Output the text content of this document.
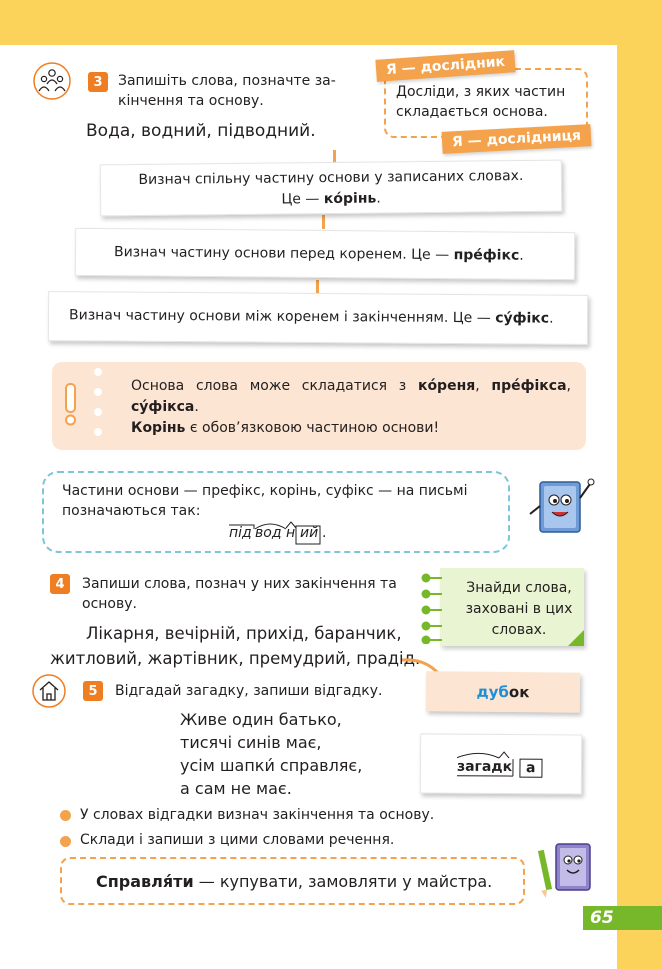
3	Запишіть слова, позначте за-
кінчення та основу.
Вода, водний, підводний.
Досліди, з яких частин
складається основа.
Я — дослідник
Я — дослідниця
Визнач спільну частину основи у записаних словах.
Це — ко́рінь.
Визнач частину основи перед коренем. Це — пре́фікс.
Визнач частину основи між коренем і закінченням. Це — су́фікс.
Основа слова може складатися з ко́реня, пре́фікса,
су́фікса.
Корінь є обов’язковою частиною основи!
Частини основи — префікс, корінь, суфікс — на письмі
позначаються так:
під вод н ий .
4	Запиши слова, познач у них закінчення та
основу.
Лікарня, вечірній, прихід, баранчик,
житловий, жартівник, премудрий, прадід.
Знайди слова,
заховані в цих
словах.
дубок
5	Відгадай загадку, запиши відгадку.
Живе один батько,
тисячі синів має,
усім шапки́ справляє,
а сам не має.
загадк а
У словах відгадки визнач закінчення та основу.
Склади і запиши з цими словами речення.
Справля́ти — купувати, замовляти у майстра.
65
